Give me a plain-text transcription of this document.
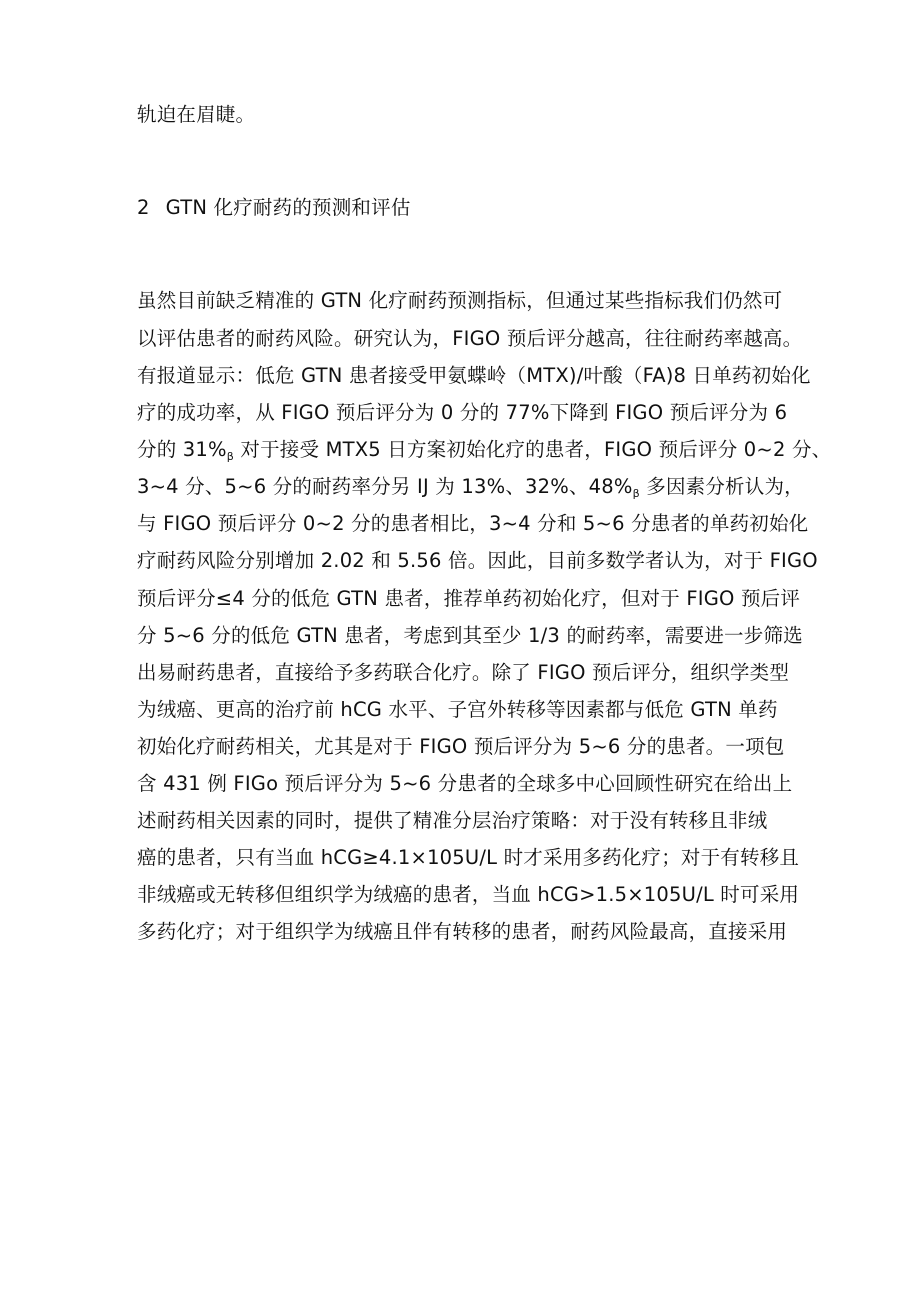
轨迫在眉睫。
2 GTN 化疗耐药的预测和评估
虽然目前缺乏精准的 GTN 化疗耐药预测指标，但通过某些指标我们仍然可
以评估患者的耐药风险。研究认为，FIGO 预后评分越高，往往耐药率越高。
有报道显示：低危 GTN 患者接受甲氨蝶岭（MTX)/叶酸（FA)8 日单药初始化
疗的成功率，从 FIGO 预后评分为 0 分的 77%下降到 FIGO 预后评分为 6
分的 $31\%_\beta$ 对于接受 MTX5 日方案初始化疗的患者，FIGO 预后评分 0~2 分、
3~4 分、5~6 分的耐药率分另 IJ 为 13%、32%、$48\%_\beta$ 多因素分析认为，
与 FIGO 预后评分 0~2 分的患者相比，3~4 分和 5~6 分患者的单药初始化
疗耐药风险分别增加 2.02 和 5.56 倍。因此，目前多数学者认为，对于 FIGO
预后评分≤4 分的低危 GTN 患者，推荐单药初始化疗，但对于 FIGO 预后评
分 5~6 分的低危 GTN 患者，考虑到其至少 1/3 的耐药率，需要进一步筛选
出易耐药患者，直接给予多药联合化疗。除了 FIGO 预后评分，组织学类型
为绒癌、更高的治疗前 hCG 水平、子宫外转移等因素都与低危 GTN 单药
初始化疗耐药相关，尤其是对于 FIGO 预后评分为 5~6 分的患者。一项包
含 431 例 FIGo 预后评分为 5~6 分患者的全球多中心回顾性研究在给出上
述耐药相关因素的同时，提供了精准分层治疗策略：对于没有转移且非绒
癌的患者，只有当血 hCG≥4.1×105U/L 时才采用多药化疗；对于有转移且
非绒癌或无转移但组织学为绒癌的患者，当血 hCG>1.5×105U/L 时可采用
多药化疗；对于组织学为绒癌且伴有转移的患者，耐药风险最高，直接采用
